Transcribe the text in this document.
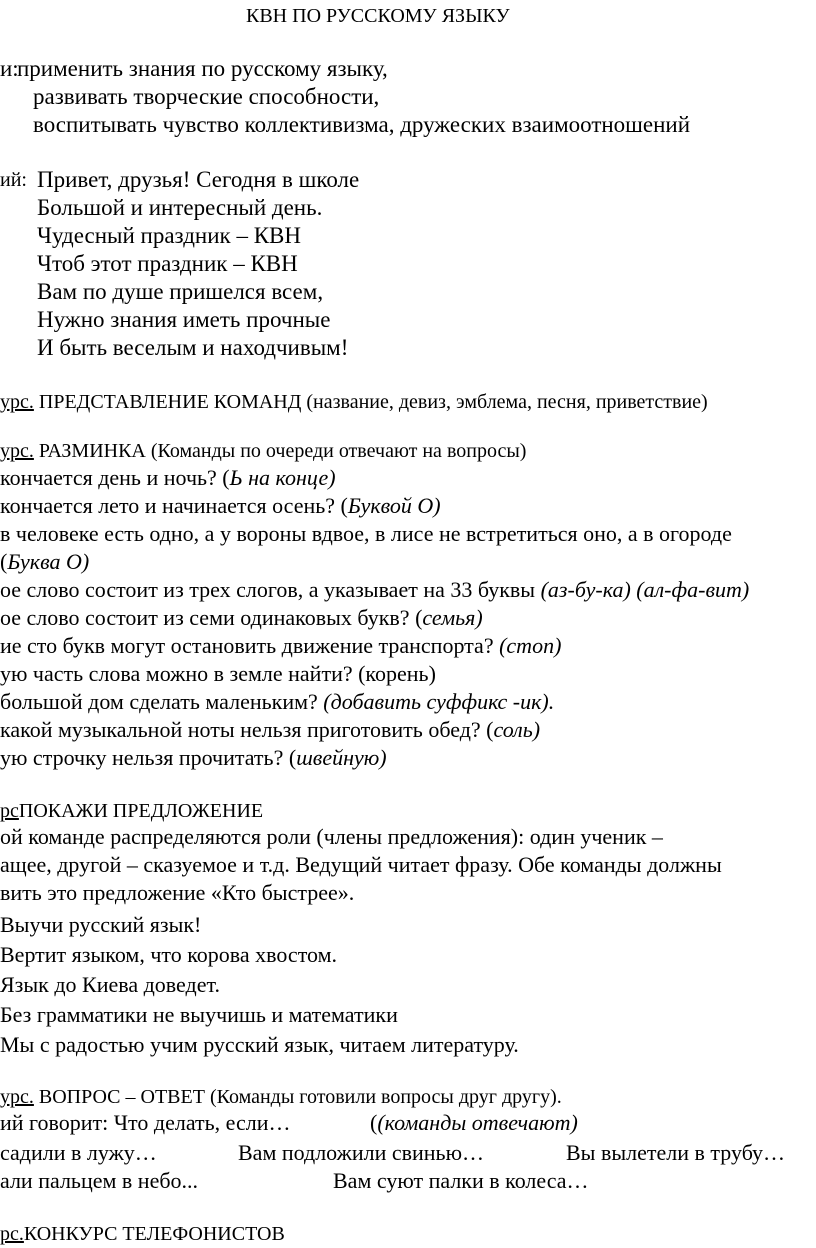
КВН ПО РУССКОМУ ЯЗЫКУ
и:
применить знания по русскому языку,
развивать творческие способности,
воспитывать чувство коллективизма, дружеских взаимоотношений
ий: Привет, друзья! Сегодня в школе
Большой и интересный день.
Чудесный праздник – КВН
Чтоб этот праздник – КВН
Вам по душе пришелся всем,
Нужно знания иметь прочные
И быть веселым и находчивым!
урс. ПРЕДСТАВЛЕНИЕ КОМАНД (название, девиз, эмблема, песня, приветствие)
урс. РАЗМИНКА (Команды по очереди отвечают на вопросы)
кончается день и ночь? (Ь на конце)
кончается лето и начинается осень? (Буквой О)
в человеке есть одно, а у вороны вдвое, в лисе не встретиться оно, а в огороде
(Буква О)
ое слово состоит из трех слогов, а указывает на 33 буквы (аз-бу-ка) (ал-фа-вит)
ое слово состоит из семи одинаковых букв? (семья)
ие сто букв могут остановить движение транспорта? (стоп)
ую часть слова можно в земле найти? (корень)
большой дом сделать маленьким? (добавить суффикс -ик).
какой музыкальной ноты нельзя приготовить обед? (соль)
ую строчку нельзя прочитать? (швейную)
рсПОКАЖИ ПРЕДЛОЖЕНИЕ
ой команде распределяются роли (члены предложения): один ученик –
ащее, другой – сказуемое и т.д. Ведущий читает фразу. Обе команды должны
вить это предложение «Кто быстрее».
Выучи русский язык!
Вертит языком, что корова хвостом.
Язык до Киева доведет.
Без грамматики не выучишь и математики
Мы с радостью учим русский язык, читаем литературу.
урс. ВОПРОС – ОТВЕТ (Команды готовили вопросы друг другу).
ий говорит: Что делать, если…	((команды отвечают)
садили в лужу…	Вам подложили свинью…	Вы вылетели в трубу…
али пальцем в небо...	Вам суют палки в колеса…
рс.КОНКУРС ТЕЛЕФОНИСТОВ
